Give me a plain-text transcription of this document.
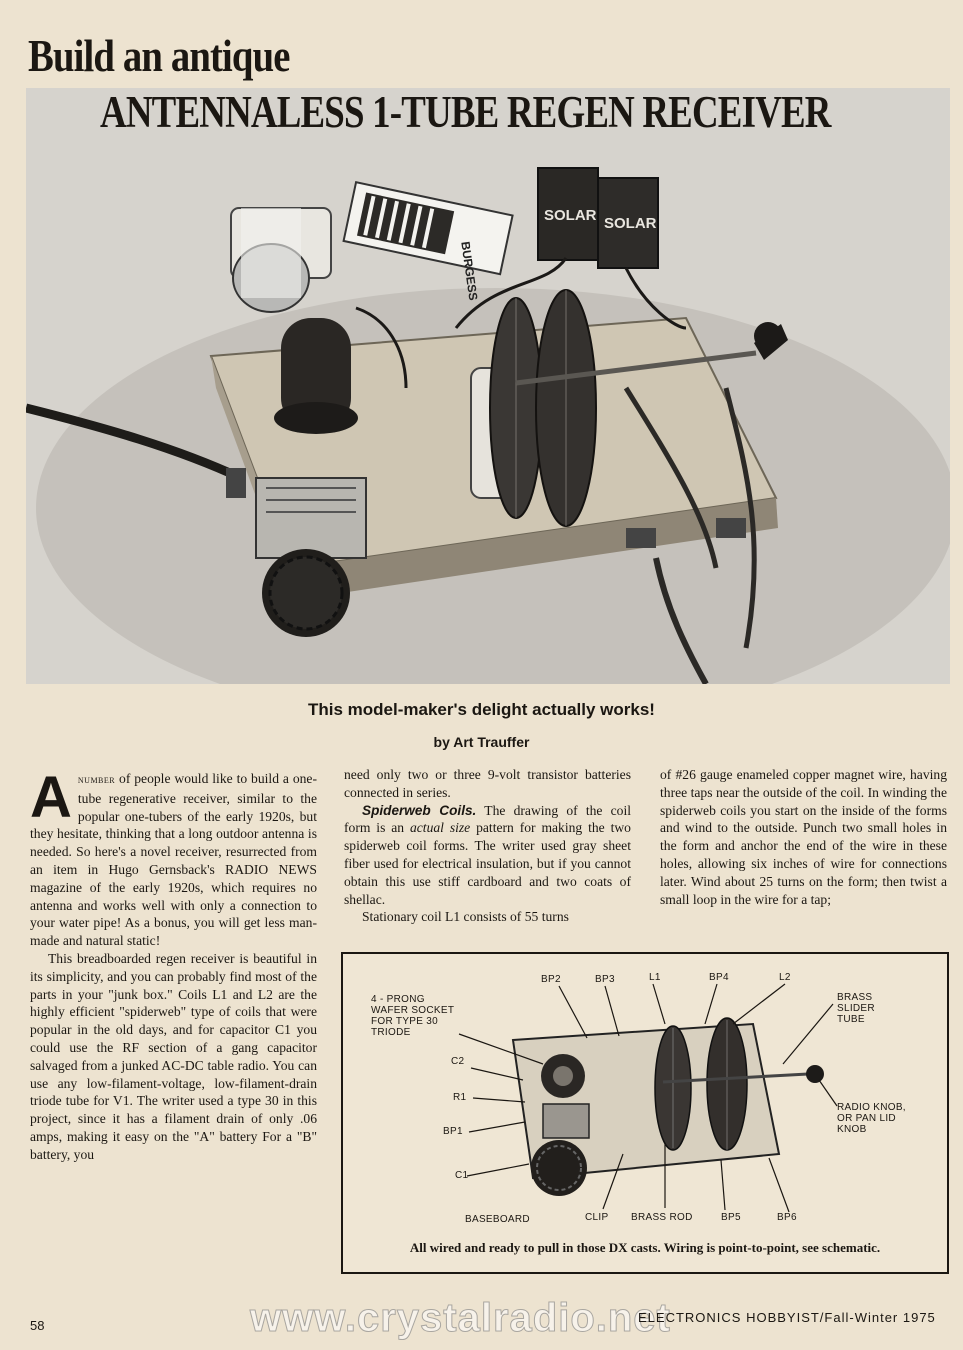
Build an antique
BURGESS
SOLAR SOLAR
ANTENNALESS 1-TUBE REGEN RECEIVER
This model-maker's delight actually works!
by Art Trauffer

Anumber of people would like to build a one-tube regenerative receiver, similar to the popular one-tubers of the early 1920s, but they hesitate, thinking that a long outdoor antenna is needed. So here's a novel receiver, resurrected from an item in Hugo Gernsback's RADIO NEWS magazine of the early 1920s, which requires no antenna and works well with only a connection to your water pipe! As a bonus, you will get less man-made and natural static!

This breadboarded regen receiver is beautiful in its simplicity, and you can probably find most of the parts in your "junk box." Coils L1 and L2 are the highly efficient "spiderweb" type of coils that were popular in the old days, and for capacitor C1 you could use the RF section of a gang capacitor salvaged from a junked AC-DC table radio. You can use any low-filament-voltage, low-filament-drain triode tube for V1. The writer used a type 30 in this project, since it has a filament drain of only .06 amps, making it easy on the "A" battery For a "B" battery, you

need only two or three 9-volt transistor batteries connected in series.

Spiderweb Coils. The drawing of the coil form is an actual size pattern for making the two spiderweb coil forms. The writer used gray sheet fiber used for electrical insulation, but if you cannot obtain this use stiff cardboard and two coats of shellac.

Stationary coil L1 consists of 55 turns

of #26 gauge enameled copper magnet wire, having three taps near the outside of the coil. In winding the spiderweb coils you start on the inside of the forms and wind to the outside. Punch two small holes in the form and anchor the end of the wire in these holes, allowing six inches of wire for connections later. Wind about 25 turns on the form; then twist a small loop in the wire for a tap;

BP2	BP3	L1	BP4	L2
4 - PRONG
WAFER SOCKET
FOR TYPE 30
TRIODE
BRASS
SLIDER
TUBE
C2
R1
BP1
C1
RADIO KNOB,
OR PAN LID
KNOB
BASEBOARD	CLIP BRASS ROD	BP5	BP6
All wired and ready to pull in those DX casts. Wiring is point-to-point, see schematic.
www.crystalradio.net
58
ELECTRONICS HOBBYIST/Fall-Winter 1975
